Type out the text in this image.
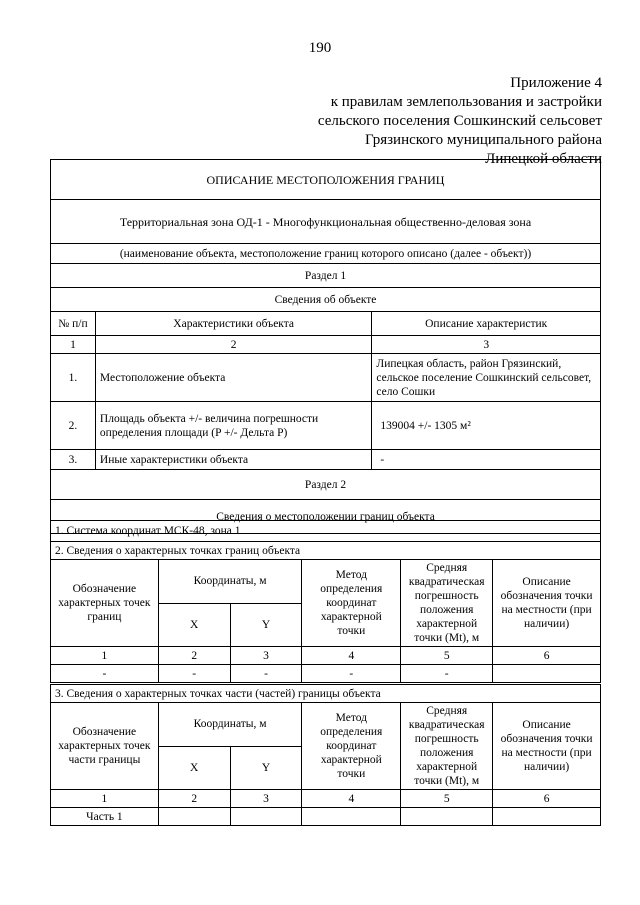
190
Приложение 4
к правилам землепользования и застройки
сельского поселения Сошкинский сельсовет
Грязинского муниципального района
Липецкой области
ОПИСАНИЕ МЕСТОПОЛОЖЕНИЯ ГРАНИЦ		
Территориальная зона ОД-1 - Многофункциональная общественно-деловая зона		
(наименование объекта, местоположение границ которого описано (далее - объект))		
Раздел 1		
Сведения об объекте		
№ п/п	Характеристики объекта	Описание характеристик
1	2	3
1.	Местоположение объекта	Липецкая область, район Грязинский, сельское поселение Сошкинский сельсовет, село Сошки
2.	Площадь объекта +/- величина погрешности определения площади (P +/- Дельта P)	139004 +/- 1305 м²
3.	Иные характеристики объекта	-
Раздел 2		
Сведения о местоположении границ объекта		
1. Система координат МСК-48, зона 1					
2. Сведения о характерных точках границ объекта					
Обозначение характерных точек границ	Координаты, м		Метод определения координат характерной точки	Средняя квадратическая погрешность положения характерной точки (Mt), м	Описание обозначения точки на местности (при наличии)
	X	Y			
1	2	3	4	5	6
-	-	-	-	-	
3. Сведения о характерных точках части (частей) границы объекта					
Обозначение характерных точек части границы	Координаты, м		Метод определения координат характерной точки	Средняя квадратическая погрешность положения характерной точки (Mt), м	Описание обозначения точки на местности (при наличии)
	X	Y			
1	2	3	4	5	6
Часть 1					
